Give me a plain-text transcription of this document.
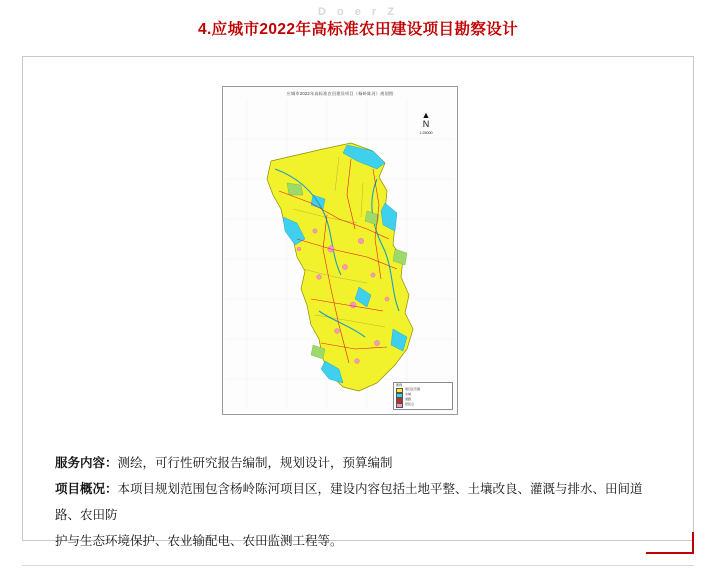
D o e r Z
4.应城市2022年高标准农田建设项目勘察设计
应城市2022年高标准农田建设项目（杨岭陈河）规划图
▲
N
1:25000
图例
项目区范围
水域
道路
居民点

服务内容：测绘，可行性研究报告编制，规划设计，预算编制

项目概况：本项目规划范围包含杨岭陈河项目区，建设内容包括土地平整、土壤改良、灌溉与排水、田间道路、农田防

护与生态环境保护、农业输配电、农田监测工程等。
